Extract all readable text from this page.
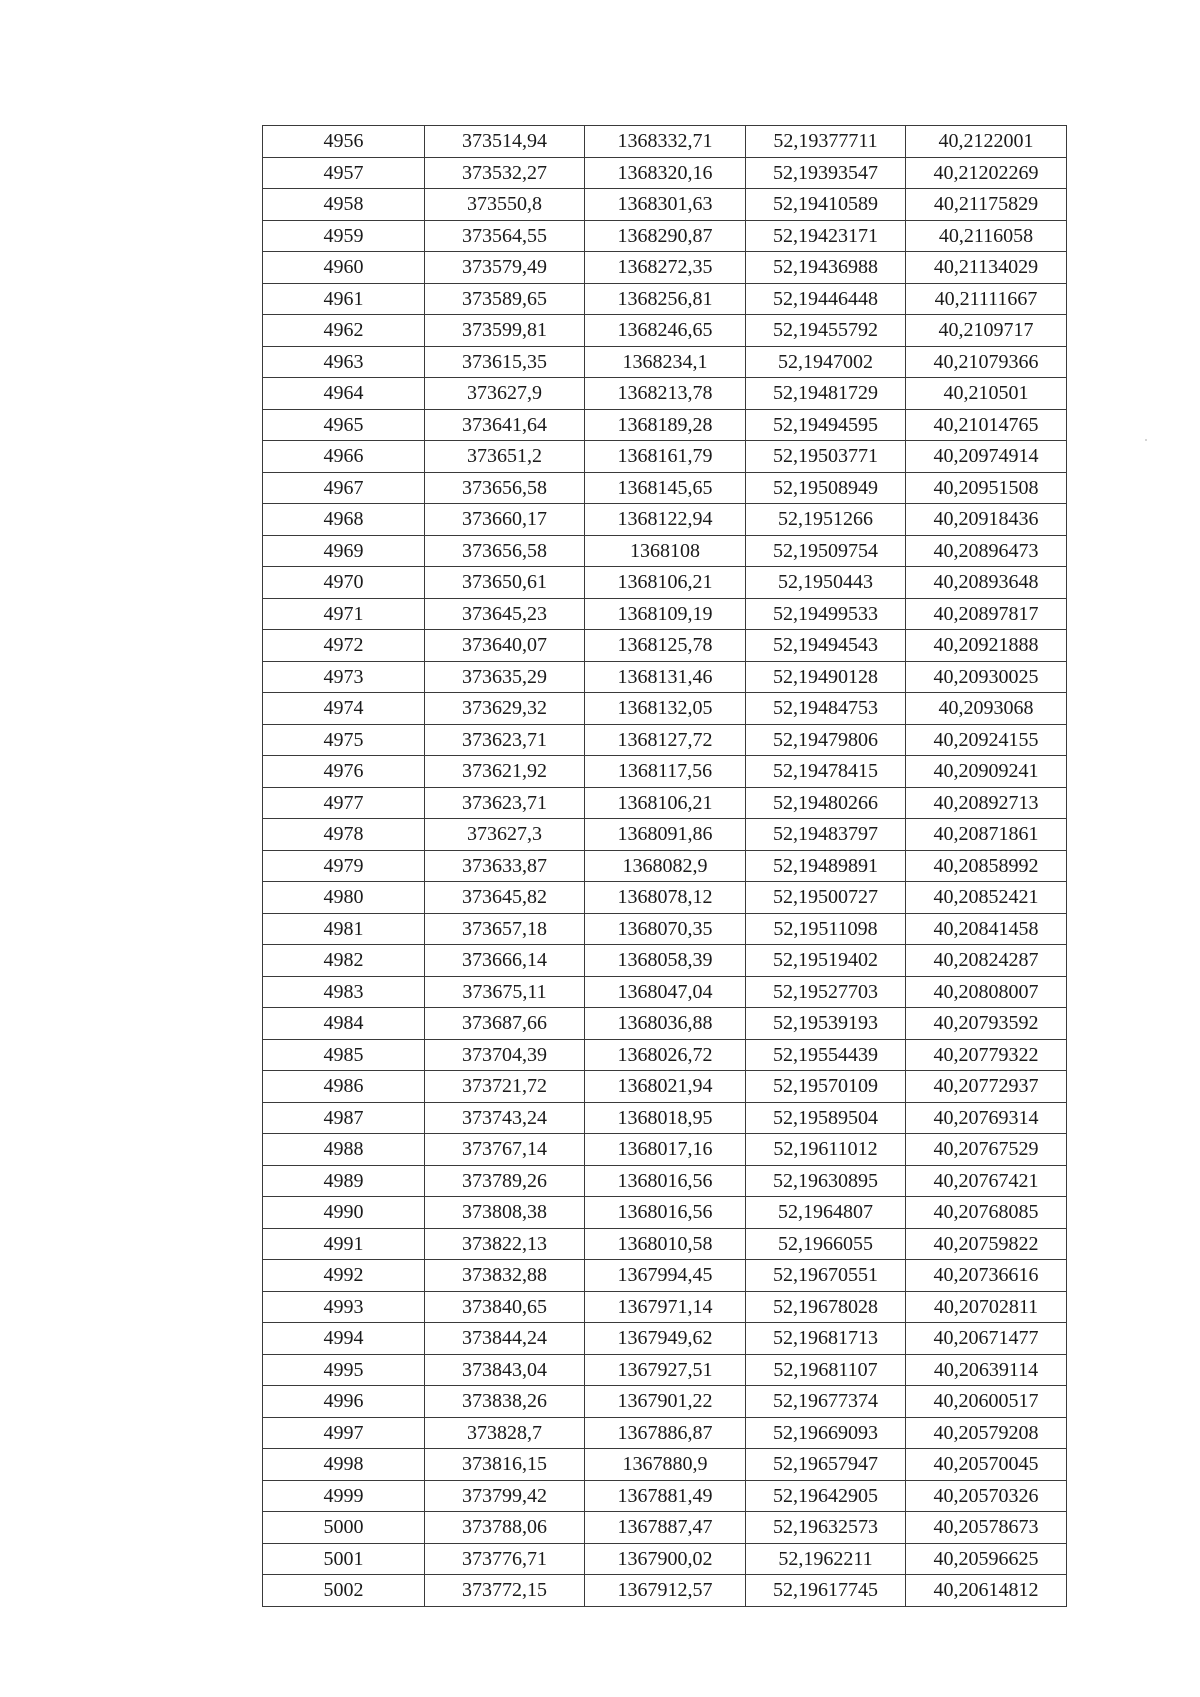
4956	373514,94	1368332,71	52,19377711	40,2122001
4957	373532,27	1368320,16	52,19393547	40,21202269
4958	373550,8	1368301,63	52,19410589	40,21175829
4959	373564,55	1368290,87	52,19423171	40,2116058
4960	373579,49	1368272,35	52,19436988	40,21134029
4961	373589,65	1368256,81	52,19446448	40,21111667
4962	373599,81	1368246,65	52,19455792	40,2109717
4963	373615,35	1368234,1	52,1947002	40,21079366
4964	373627,9	1368213,78	52,19481729	40,210501
4965	373641,64	1368189,28	52,19494595	40,21014765
4966	373651,2	1368161,79	52,19503771	40,20974914
4967	373656,58	1368145,65	52,19508949	40,20951508
4968	373660,17	1368122,94	52,1951266	40,20918436
4969	373656,58	1368108	52,19509754	40,20896473
4970	373650,61	1368106,21	52,1950443	40,20893648
4971	373645,23	1368109,19	52,19499533	40,20897817
4972	373640,07	1368125,78	52,19494543	40,20921888
4973	373635,29	1368131,46	52,19490128	40,20930025
4974	373629,32	1368132,05	52,19484753	40,2093068
4975	373623,71	1368127,72	52,19479806	40,20924155
4976	373621,92	1368117,56	52,19478415	40,20909241
4977	373623,71	1368106,21	52,19480266	40,20892713
4978	373627,3	1368091,86	52,19483797	40,20871861
4979	373633,87	1368082,9	52,19489891	40,20858992
4980	373645,82	1368078,12	52,19500727	40,20852421
4981	373657,18	1368070,35	52,19511098	40,20841458
4982	373666,14	1368058,39	52,19519402	40,20824287
4983	373675,11	1368047,04	52,19527703	40,20808007
4984	373687,66	1368036,88	52,19539193	40,20793592
4985	373704,39	1368026,72	52,19554439	40,20779322
4986	373721,72	1368021,94	52,19570109	40,20772937
4987	373743,24	1368018,95	52,19589504	40,20769314
4988	373767,14	1368017,16	52,19611012	40,20767529
4989	373789,26	1368016,56	52,19630895	40,20767421
4990	373808,38	1368016,56	52,1964807	40,20768085
4991	373822,13	1368010,58	52,1966055	40,20759822
4992	373832,88	1367994,45	52,19670551	40,20736616
4993	373840,65	1367971,14	52,19678028	40,20702811
4994	373844,24	1367949,62	52,19681713	40,20671477
4995	373843,04	1367927,51	52,19681107	40,20639114
4996	373838,26	1367901,22	52,19677374	40,20600517
4997	373828,7	1367886,87	52,19669093	40,20579208
4998	373816,15	1367880,9	52,19657947	40,20570045
4999	373799,42	1367881,49	52,19642905	40,20570326
5000	373788,06	1367887,47	52,19632573	40,20578673
5001	373776,71	1367900,02	52,1962211	40,20596625
5002	373772,15	1367912,57	52,19617745	40,20614812
